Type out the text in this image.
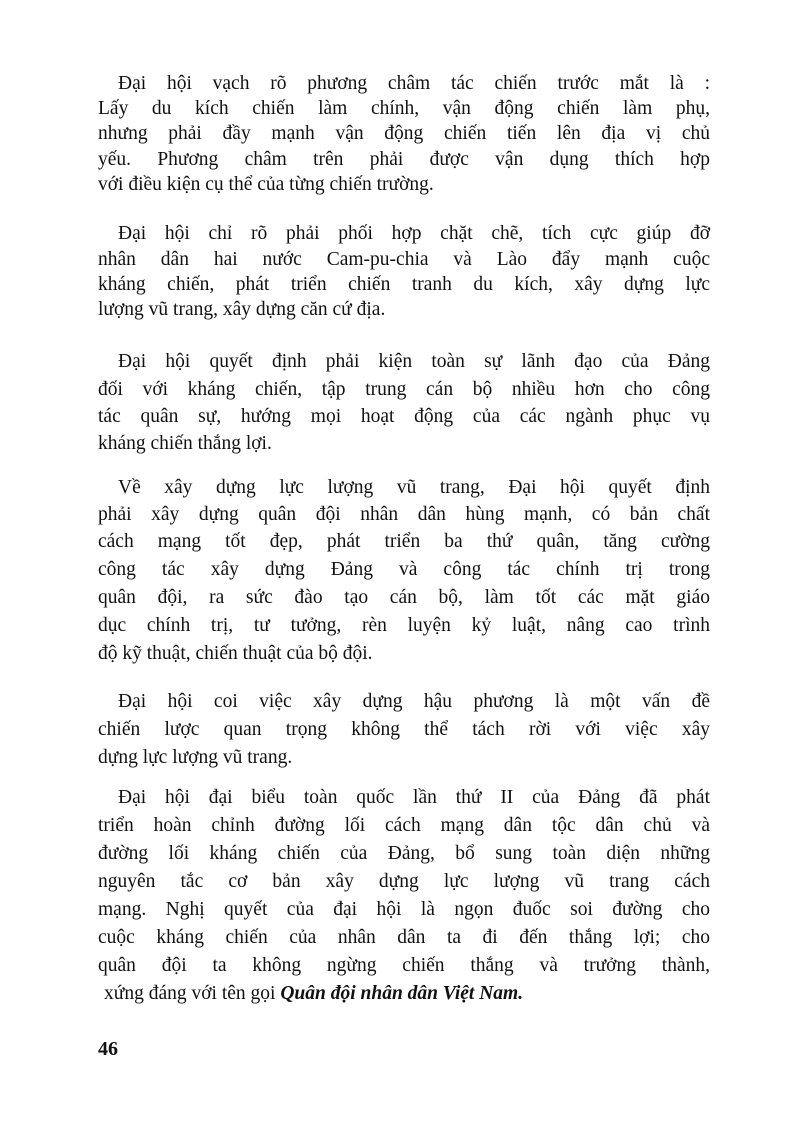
Đại hội vạch rõ phương châm tác chiến trước mắt là :
Lấy du kích chiến làm chính, vận động chiến làm phụ,
nhưng phải đầy mạnh vận động chiến tiến lên địa vị chủ
yếu. Phương châm trên phải được vận dụng thích hợp
với điều kiện cụ thể của từng chiến trường.
Đại hội chỉ rõ phải phối hợp chặt chẽ, tích cực giúp đỡ
nhân dân hai nước Cam-pu-chia và Lào đẩy mạnh cuộc
kháng chiến, phát triển chiến tranh du kích, xây dựng lực
lượng vũ trang, xây dựng căn cứ địa.
Đại hội quyết định phải kiện toàn sự lãnh đạo của Đảng
đối với kháng chiến, tập trung cán bộ nhiều hơn cho công
tác quân sự, hướng mọi hoạt động của các ngành phục vụ
kháng chiến thắng lợi.
Về xây dựng lực lượng vũ trang, Đại hội quyết định
phải xây dựng quân đội nhân dân hùng mạnh, có bản chất
cách mạng tốt đẹp, phát triển ba thứ quân, tăng cường
công tác xây dựng Đảng và công tác chính trị trong
quân đội, ra sức đào tạo cán bộ, làm tốt các mặt giáo
dục chính trị, tư tưởng, rèn luyện kỷ luật, nâng cao trình
độ kỹ thuật, chiến thuật của bộ đội.
Đại hội coi việc xây dựng hậu phương là một vấn đề
chiến lược quan trọng không thể tách rời với việc xây
dựng lực lượng vũ trang.
Đại hội đại biểu toàn quốc lần thứ II của Đảng đã phát
triển hoàn chỉnh đường lối cách mạng dân tộc dân chủ và
đường lối kháng chiến của Đảng, bổ sung toàn diện những
nguyên tắc cơ bản xây dựng lực lượng vũ trang cách
mạng. Nghị quyết của đại hội là ngọn đuốc soi đường cho
cuộc kháng chiến của nhân dân ta đi đến thắng lợi; cho
quân đội ta không ngừng chiến thắng và trưởng thành,
xứng đáng với tên gọi Quân đội nhân dân Việt Nam.
46
